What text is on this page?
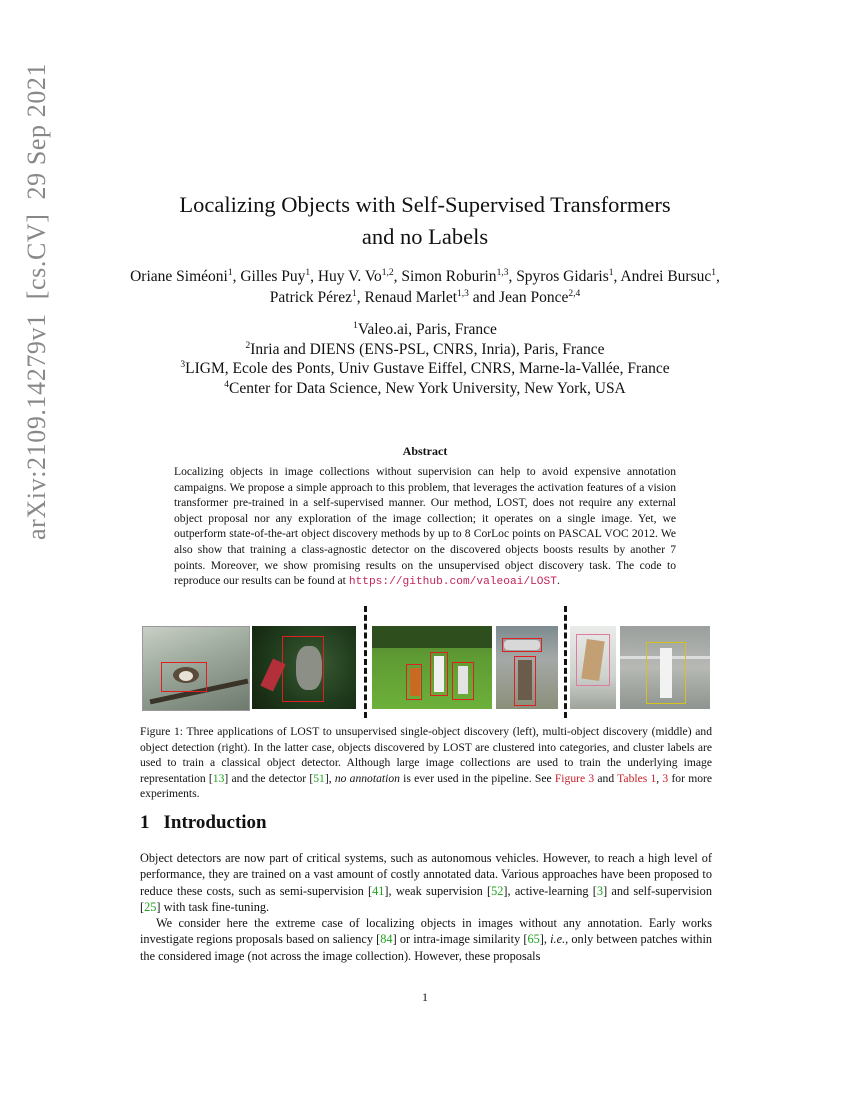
arXiv:2109.14279v1[cs.CV]29 Sep 2021
Localizing Objects with Self-Supervised Transformers
and no Labels
Oriane Siméoni$^1$, Gilles Puy$^1$, Huy V. Vo$^{1,2}$, Simon Roburin$^{1,3}$, Spyros Gidaris$^1$, Andrei Bursuc$^1$, Patrick Pérez$^1$, Renaud Marlet$^{1,3}$ and Jean Ponce$^{2,4}$
$^1$Valeo.ai, Paris, France
$^2$Inria and DIENS (ENS-PSL, CNRS, Inria), Paris, France
$^3$LIGM, Ecole des Ponts, Univ Gustave Eiffel, CNRS, Marne-la-Vallée, France
$^4$Center for Data Science, New York University, New York, USA
Abstract
Localizing objects in image collections without supervision can help to avoid expensive annotation campaigns. We propose a simple approach to this problem, that leverages the activation features of a vision transformer pre-trained in a self-supervised manner. Our method, LOST, does not require any external object proposal nor any exploration of the image collection; it operates on a single image. Yet, we outperform state-of-the-art object discovery methods by up to 8 CorLoc points on PASCAL VOC 2012. We also show that training a class-agnostic detector on the discovered objects boosts results by another 7 points. Moreover, we show promising results on the unsupervised object discovery task. The code to reproduce our results can be found at https://github.com/valeoai/LOST.
Figure 1: Three applications of LOST to unsupervised single-object discovery (left), multi-object discovery (middle) and object detection (right). In the latter case, objects discovered by LOST are clustered into categories, and cluster labels are used to train a classical object detector. Although large image collections are used to train the underlying image representation [13] and the detector [51], no annotation is ever used in the pipeline. See Figure 3 and Tables 1, 3 for more experiments.
1 Introduction

Object detectors are now part of critical systems, such as autonomous vehicles. However, to reach a high level of performance, they are trained on a vast amount of costly annotated data. Various approaches have been proposed to reduce these costs, such as semi-supervision [41], weak supervision [52], active-learning [3] and self-supervision [25] with task fine-tuning.

We consider here the extreme case of localizing objects in images without any annotation. Early works investigate regions proposals based on saliency [84] or intra-image similarity [65], i.e., only between patches within the considered image (not across the image collection). However, these proposals

1
